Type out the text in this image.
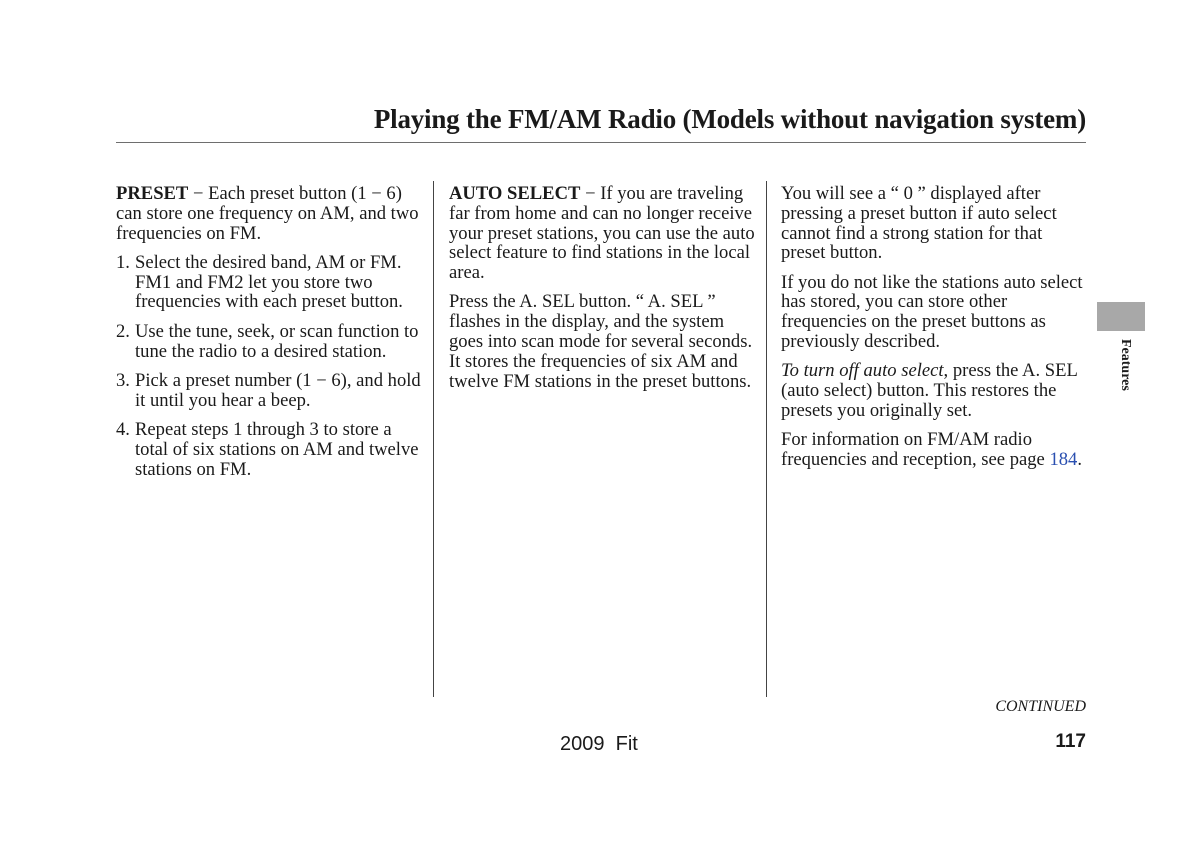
Playing the FM/AM Radio (Models without navigation system)

PRESET − Each preset button (1 − 6) can store one frequency on AM, and two frequencies on FM.

1. Select the desired band, AM or FM. FM1 and FM2 let you store two frequencies with each preset button.
2. Use the tune, seek, or scan function to tune the radio to a desired station.
3. Pick a preset number (1 − 6), and hold it until you hear a beep.
4. Repeat steps 1 through 3 to store a total of six stations on AM and twelve stations on FM.

AUTO SELECT − If you are traveling far from home and can no longer receive your preset stations, you can use the auto select feature to find stations in the local area.

Press the A. SEL button. “ A. SEL ” flashes in the display, and the system goes into scan mode for several seconds. It stores the frequencies of six AM and twelve FM stations in the preset buttons.

You will see a “ 0 ” displayed after pressing a preset button if auto select cannot find a strong station for that preset button.

If you do not like the stations auto select has stored, you can store other frequencies on the preset buttons as previously described.

To turn off auto select, press the A. SEL (auto select) button. This restores the presets you originally set.

For information on FM/AM radio frequencies and reception, see page 184.

Features
CONTINUED
2009  Fit	117
